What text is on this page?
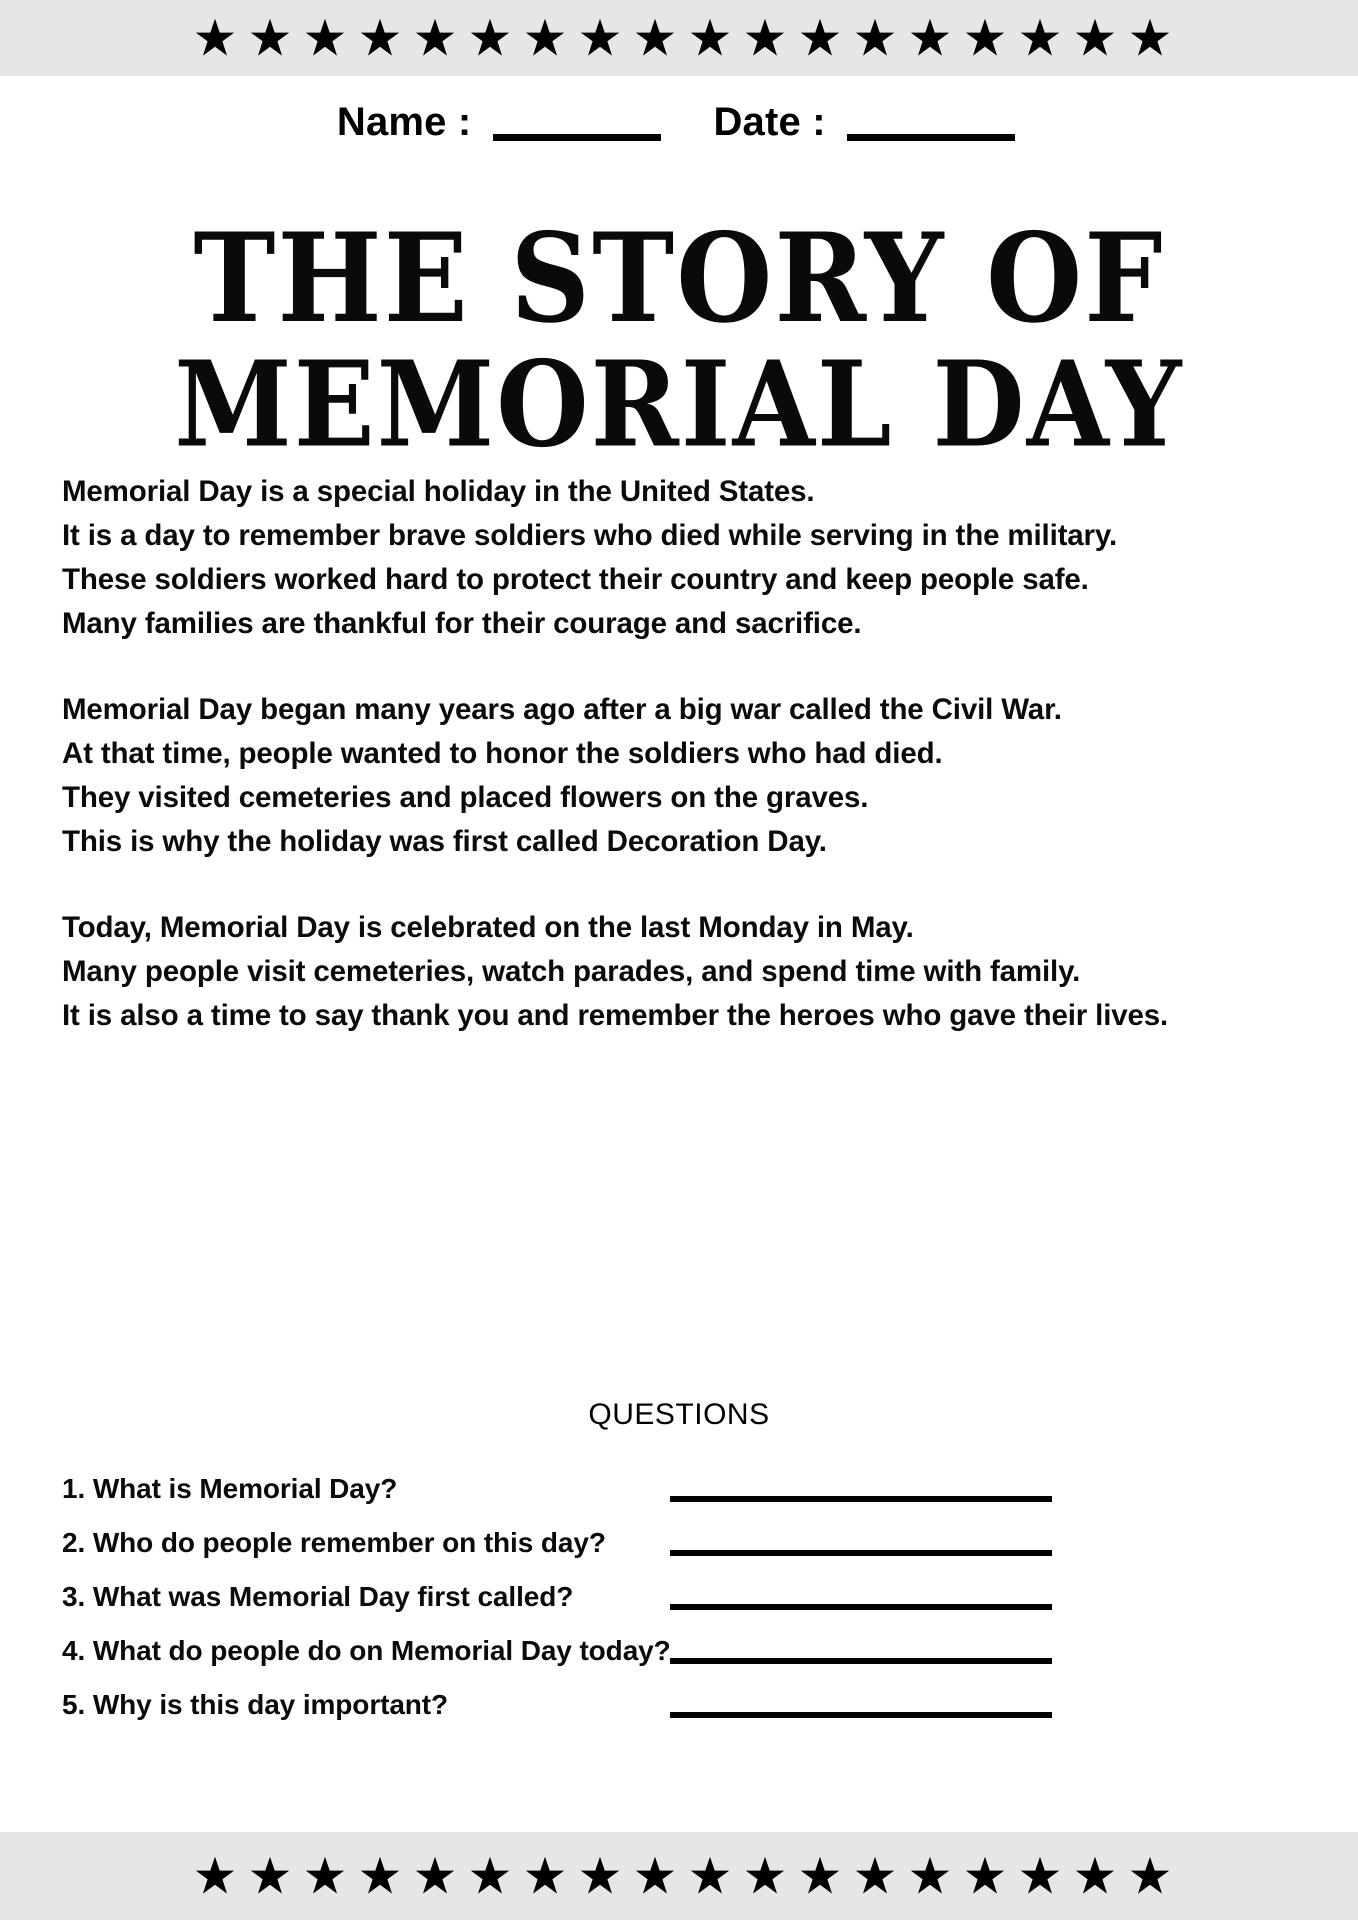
Name :	Date :
THE STORY OF
MEMORIAL DAY
Memorial Day is a special holiday in the United States.
It is a day to remember brave soldiers who died while serving in the military.
These soldiers worked hard to protect their country and keep people safe.
Many families are thankful for their courage and sacrifice.
Memorial Day began many years ago after a big war called the Civil War.
At that time, people wanted to honor the soldiers who had died.
They visited cemeteries and placed flowers on the graves.
This is why the holiday was first called Decoration Day.
Today, Memorial Day is celebrated on the last Monday in May.
Many people visit cemeteries, watch parades, and spend time with family.
It is also a time to say thank you and remember the heroes who gave their lives.
QUESTIONS
1. What is Memorial Day?
2. Who do people remember on this day?
3. What was Memorial Day first called?
4. What do people do on Memorial Day today?
5. Why is this day important?
